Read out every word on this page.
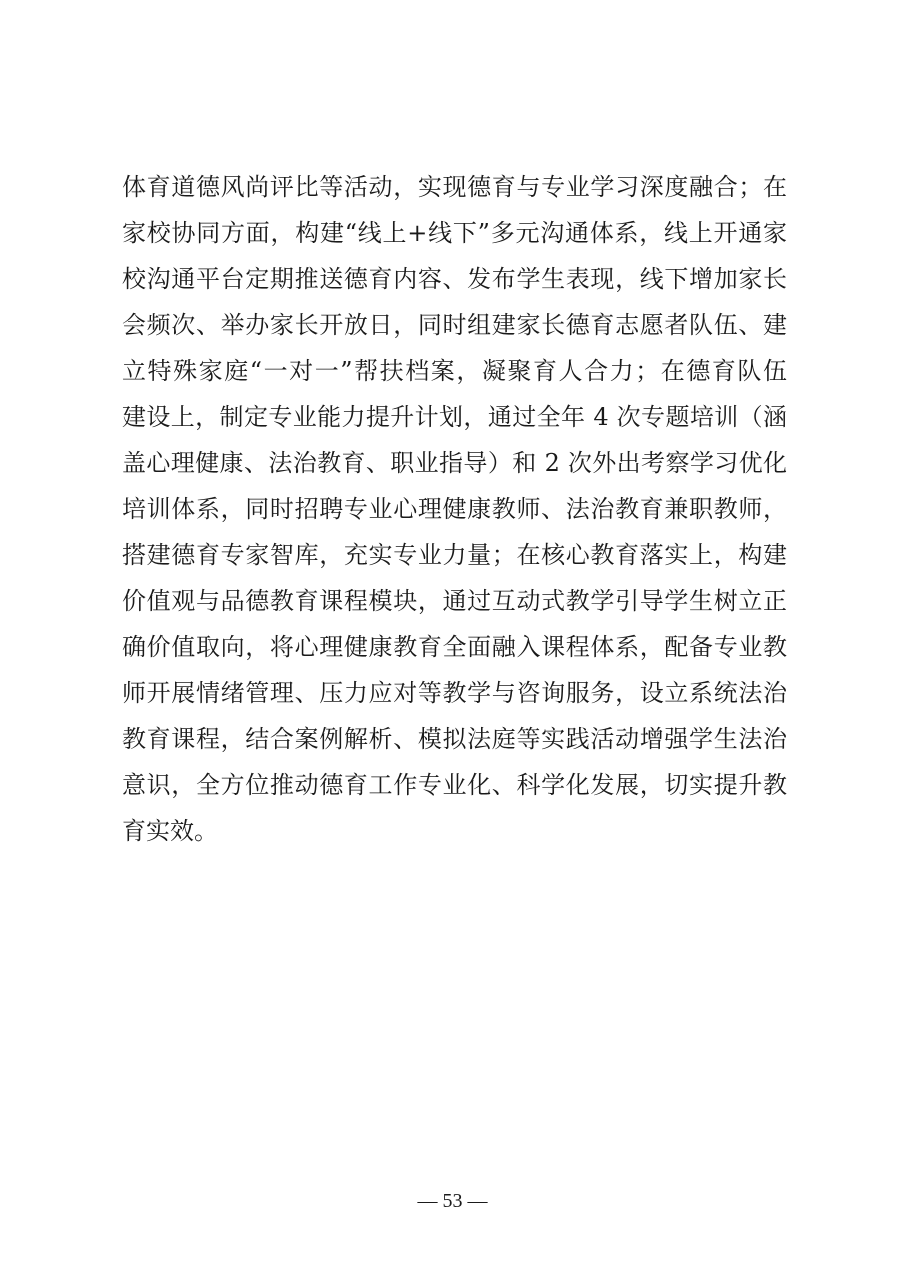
体育道德风尚评比等活动，实现德育与专业学习深度融合；在
家校协同方面，构建“线上+线下”多元沟通体系，线上开通家
校沟通平台定期推送德育内容、发布学生表现，线下增加家长
会频次、举办家长开放日，同时组建家长德育志愿者队伍、建
立特殊家庭“一对一”帮扶档案，凝聚育人合力；在德育队伍
建设上，制定专业能力提升计划，通过全年 4 次专题培训（涵
盖心理健康、法治教育、职业指导）和 2 次外出考察学习优化
培训体系，同时招聘专业心理健康教师、法治教育兼职教师，
搭建德育专家智库，充实专业力量；在核心教育落实上，构建
价值观与品德教育课程模块，通过互动式教学引导学生树立正
确价值取向，将心理健康教育全面融入课程体系，配备专业教
师开展情绪管理、压力应对等教学与咨询服务，设立系统法治
教育课程，结合案例解析、模拟法庭等实践活动增强学生法治
意识，全方位推动德育工作专业化、科学化发展，切实提升教
育实效。
— 53 —
